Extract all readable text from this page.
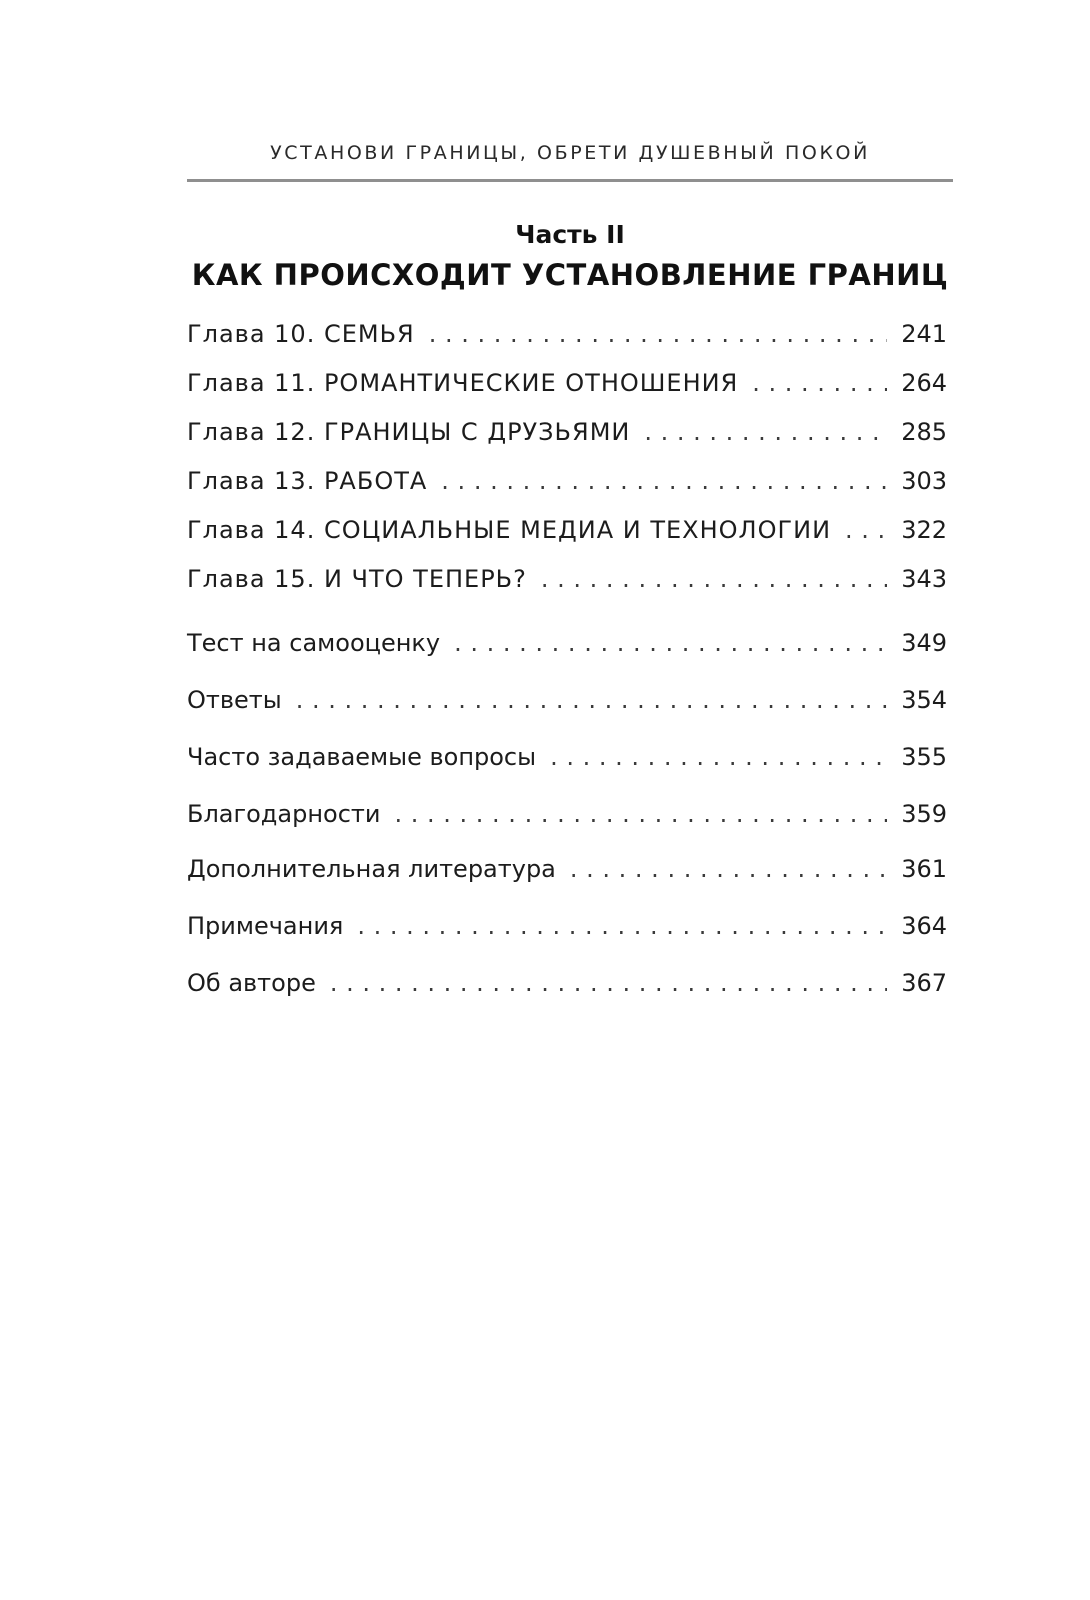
УСТАНОВИ ГРАНИЦЫ, ОБРЕТИ ДУШЕВНЫЙ ПОКОЙ
Часть II
КАК ПРОИСХОДИТ УСТАНОВЛЕНИЕ ГРАНИЦ
Глава 10. СЕМЬЯ . . .	241
Глава 11. РОМАНТИЧЕСКИЕ ОТНОШЕНИЯ . . .	264
Глава 12. ГРАНИЦЫ С ДРУЗЬЯМИ . . .	285
Глава 13. РАБОТА . . .	303
Глава 14. СОЦИАЛЬНЫЕ МЕДИА И ТЕХНОЛОГИИ . . .	322
Глава 15. И ЧТО ТЕПЕРЬ? . . .	343
Тест на самооценку . . .	349
Ответы . . .	354
Часто задаваемые вопросы . . .	355
Благодарности . . .	359
Дополнительная литература . . .	361
Примечания . . .	364
Об авторе . . .	367
